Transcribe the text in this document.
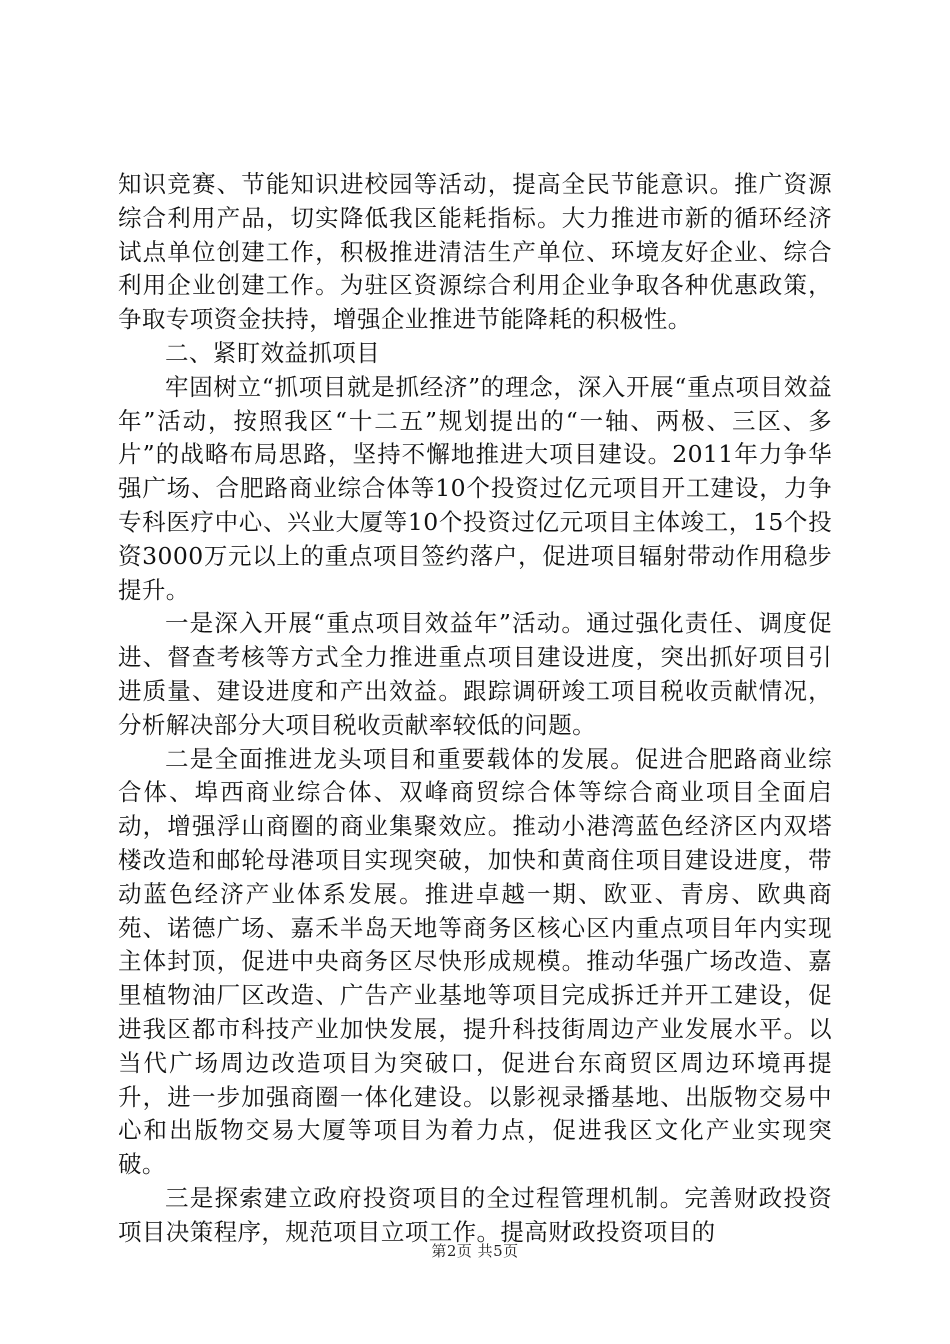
知识竞赛、节能知识进校园等活动，提高全民节能意识。推广资源综合利用产品，切实降低我区能耗指标。大力推进市新的循环经济试点单位创建工作，积极推进清洁生产单位、环境友好企业、综合利用企业创建工作。为驻区资源综合利用企业争取各种优惠政策，争取专项资金扶持，增强企业推进节能降耗的积极性。

二、紧盯效益抓项目

牢固树立“抓项目就是抓经济”的理念，深入开展“重点项目效益年”活动，按照我区“十二五”规划提出的“一轴、两极、三区、多片”的战略布局思路，坚持不懈地推进大项目建设。2011年力争华强广场、合肥路商业综合体等10个投资过亿元项目开工建设，力争专科医疗中心、兴业大厦等10个投资过亿元项目主体竣工，15个投资3000万元以上的重点项目签约落户，促进项目辐射带动作用稳步提升。

一是深入开展“重点项目效益年”活动。通过强化责任、调度促进、督查考核等方式全力推进重点项目建设进度，突出抓好项目引进质量、建设进度和产出效益。跟踪调研竣工项目税收贡献情况，分析解决部分大项目税收贡献率较低的问题。

二是全面推进龙头项目和重要载体的发展。促进合肥路商业综合体、埠西商业综合体、双峰商贸综合体等综合商业项目全面启动，增强浮山商圈的商业集聚效应。推动小港湾蓝色经济区内双塔楼改造和邮轮母港项目实现突破，加快和黄商住项目建设进度，带动蓝色经济产业体系发展。推进卓越一期、欧亚、青房、欧典商苑、诺德广场、嘉禾半岛天地等商务区核心区内重点项目年内实现主体封顶，促进中央商务区尽快形成规模。推动华强广场改造、嘉里植物油厂区改造、广告产业基地等项目完成拆迁并开工建设，促进我区都市科技产业加快发展，提升科技街周边产业发展水平。以当代广场周边改造项目为突破口，促进台东商贸区周边环境再提升，进一步加强商圈一体化建设。以影视录播基地、出版物交易中心和出版物交易大厦等项目为着力点，促进我区文化产业实现突破。

三是探索建立政府投资项目的全过程管理机制。完善财政投资项目决策程序，规范项目立项工作。提高财政投资项目的

第2页 共5页
